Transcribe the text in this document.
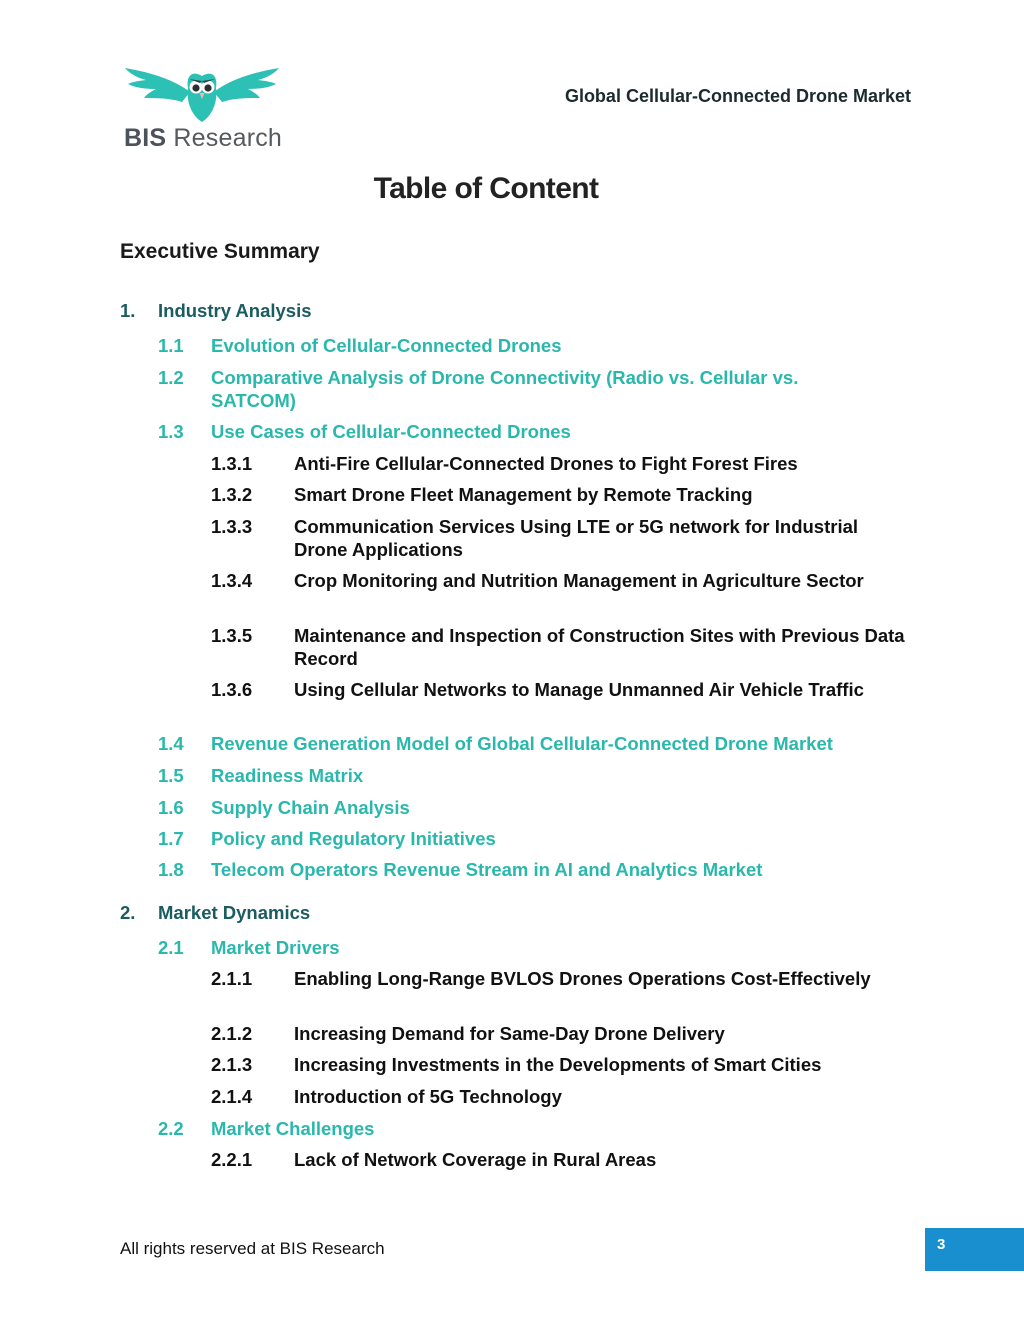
BIS Research
Global Cellular-Connected Drone Market
Table of Content
Executive Summary
1. Industry Analysis
1.1 Evolution of Cellular-Connected Drones
1.2 Comparative Analysis of Drone Connectivity (Radio vs. Cellular vs. SATCOM)
1.3 Use Cases of Cellular-Connected Drones
1.3.1 Anti-Fire Cellular-Connected Drones to Fight Forest Fires
1.3.2 Smart Drone Fleet Management by Remote Tracking
1.3.3 Communication Services Using LTE or 5G network for Industrial Drone Applications
1.3.4 Crop Monitoring and Nutrition Management in Agriculture Sector
1.3.5 Maintenance and Inspection of Construction Sites with Previous Data Record
1.3.6 Using Cellular Networks to Manage Unmanned Air Vehicle Traffic
1.4 Revenue Generation Model of Global Cellular-Connected Drone Market
1.5 Readiness Matrix
1.6 Supply Chain Analysis
1.7 Policy and Regulatory Initiatives
1.8 Telecom Operators Revenue Stream in AI and Analytics Market
2. Market Dynamics
2.1 Market Drivers
2.1.1 Enabling Long-Range BVLOS Drones Operations Cost-Effectively
2.1.2 Increasing Demand for Same-Day Drone Delivery
2.1.3 Increasing Investments in the Developments of Smart Cities
2.1.4 Introduction of 5G Technology
2.2 Market Challenges
2.2.1 Lack of Network Coverage in Rural Areas
All rights reserved at BIS Research	3
